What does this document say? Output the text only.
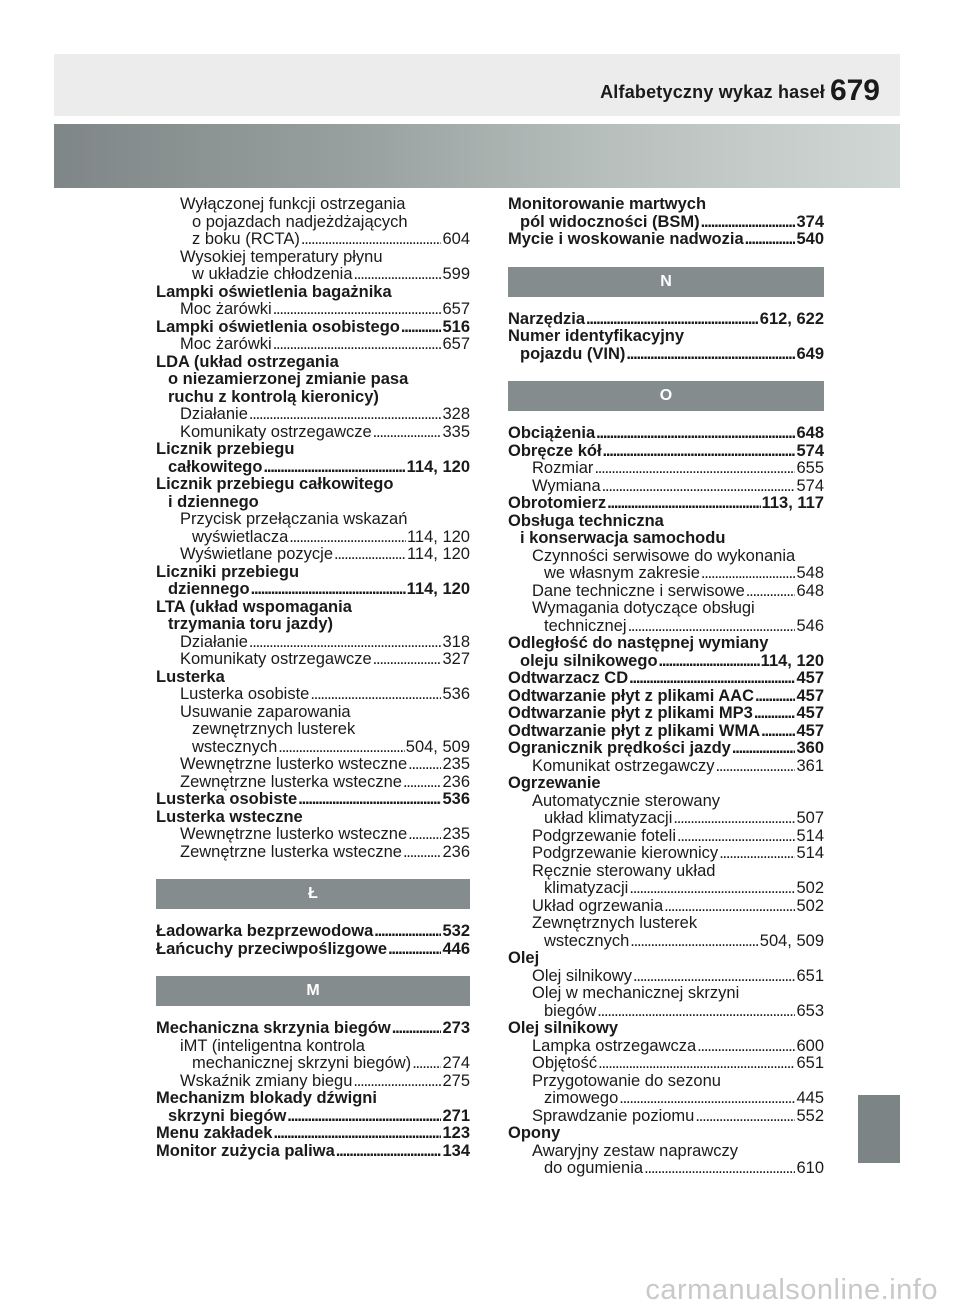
Alfabetyczny wykaz haseł 679
Wyłączonej funkcji ostrzegania
o pojazdach nadjeżdżających
z boku (RCTA) . . .	604
Wysokiej temperatury płynu
w układzie chłodzenia . . .	599
Lampki oświetlenia bagażnika
Moc żarówki . . .	657
Lampki oświetlenia osobistego . . .	516
Moc żarówki . . .	657
LDA (układ ostrzegania
o niezamierzonej zmianie pasa
ruchu z kontrolą kieronicy)
Działanie . . .	328
Komunikaty ostrzegawcze . . .	335
Licznik przebiegu
całkowitego . . .	114, 120
Licznik przebiegu całkowitego
i dziennego
Przycisk przełączania wskazań
wyświetlacza . . .	114, 120
Wyświetlane pozycje . . .	114, 120
Liczniki przebiegu
dziennego . . .	114, 120
LTA (układ wspomagania
trzymania toru jazdy)
Działanie . . .	318
Komunikaty ostrzegawcze . . .	327
Lusterka
Lusterka osobiste . . .	536
Usuwanie zaparowania
zewnętrznych lusterek
wstecznych . . .	504, 509
Wewnętrzne lusterko wsteczne . . . 235
Zewnętrzne lusterka wsteczne . . . 236
Lusterka osobiste . . .	536
Lusterka wsteczne
Wewnętrzne lusterko wsteczne . . . 235
Zewnętrzne lusterka wsteczne . . . 236
Ł
Ładowarka bezprzewodowa . . .	532
Łańcuchy przeciwpoślizgowe . . .	446
M
Mechaniczna skrzynia biegów . . .	273
iMT (inteligentna kontrola
mechanicznej skrzyni biegów) . . . 274
Wskaźnik zmiany biegu . . .	275
Mechanizm blokady dźwigni
skrzyni biegów . . .	271
Menu zakładek . . .	123
Monitor zużycia paliwa . . .	134
Monitorowanie martwych
pól widoczności (BSM) . . .	374
Mycie i woskowanie nadwozia . . .	540
N
Narzędzia . . .	612, 622
Numer identyfikacyjny
pojazdu (VIN) . . .	649
O
Obciążenia . . .	648
Obręcze kół . . .	574
Rozmiar . . .	655
Wymiana . . .	574
Obrotomierz . . .	113, 117
Obsługa techniczna
i konserwacja samochodu
Czynności serwisowe do wykonania
we własnym zakresie . . .	548
Dane techniczne i serwisowe . . .	648
Wymagania dotyczące obsługi
technicznej . . .	546
Odległość do następnej wymiany
oleju silnikowego . . .	114, 120
Odtwarzacz CD . . .	457
Odtwarzanie płyt z plikami AAC . . .	457
Odtwarzanie płyt z plikami MP3 . . .	457
Odtwarzanie płyt z plikami WMA . . . 457
Ogranicznik prędkości jazdy . . .	360
Komunikat ostrzegawczy . . .	361
Ogrzewanie
Automatycznie sterowany
układ klimatyzacji . . .	507
Podgrzewanie foteli . . .	514
Podgrzewanie kierownicy . . .	514
Ręcznie sterowany układ
klimatyzacji . . .	502
Układ ogrzewania . . .	502
Zewnętrznych lusterek
wstecznych . . .	504, 509
Olej
Olej silnikowy . . .	651
Olej w mechanicznej skrzyni
biegów . . .	653
Olej silnikowy
Lampka ostrzegawcza . . .	600
Objętość . . .	651
Przygotowanie do sezonu
zimowego . . .	445
Sprawdzanie poziomu . . .	552
Opony
Awaryjny zestaw naprawczy
do ogumienia . . .	610
carmanualsonline.info
